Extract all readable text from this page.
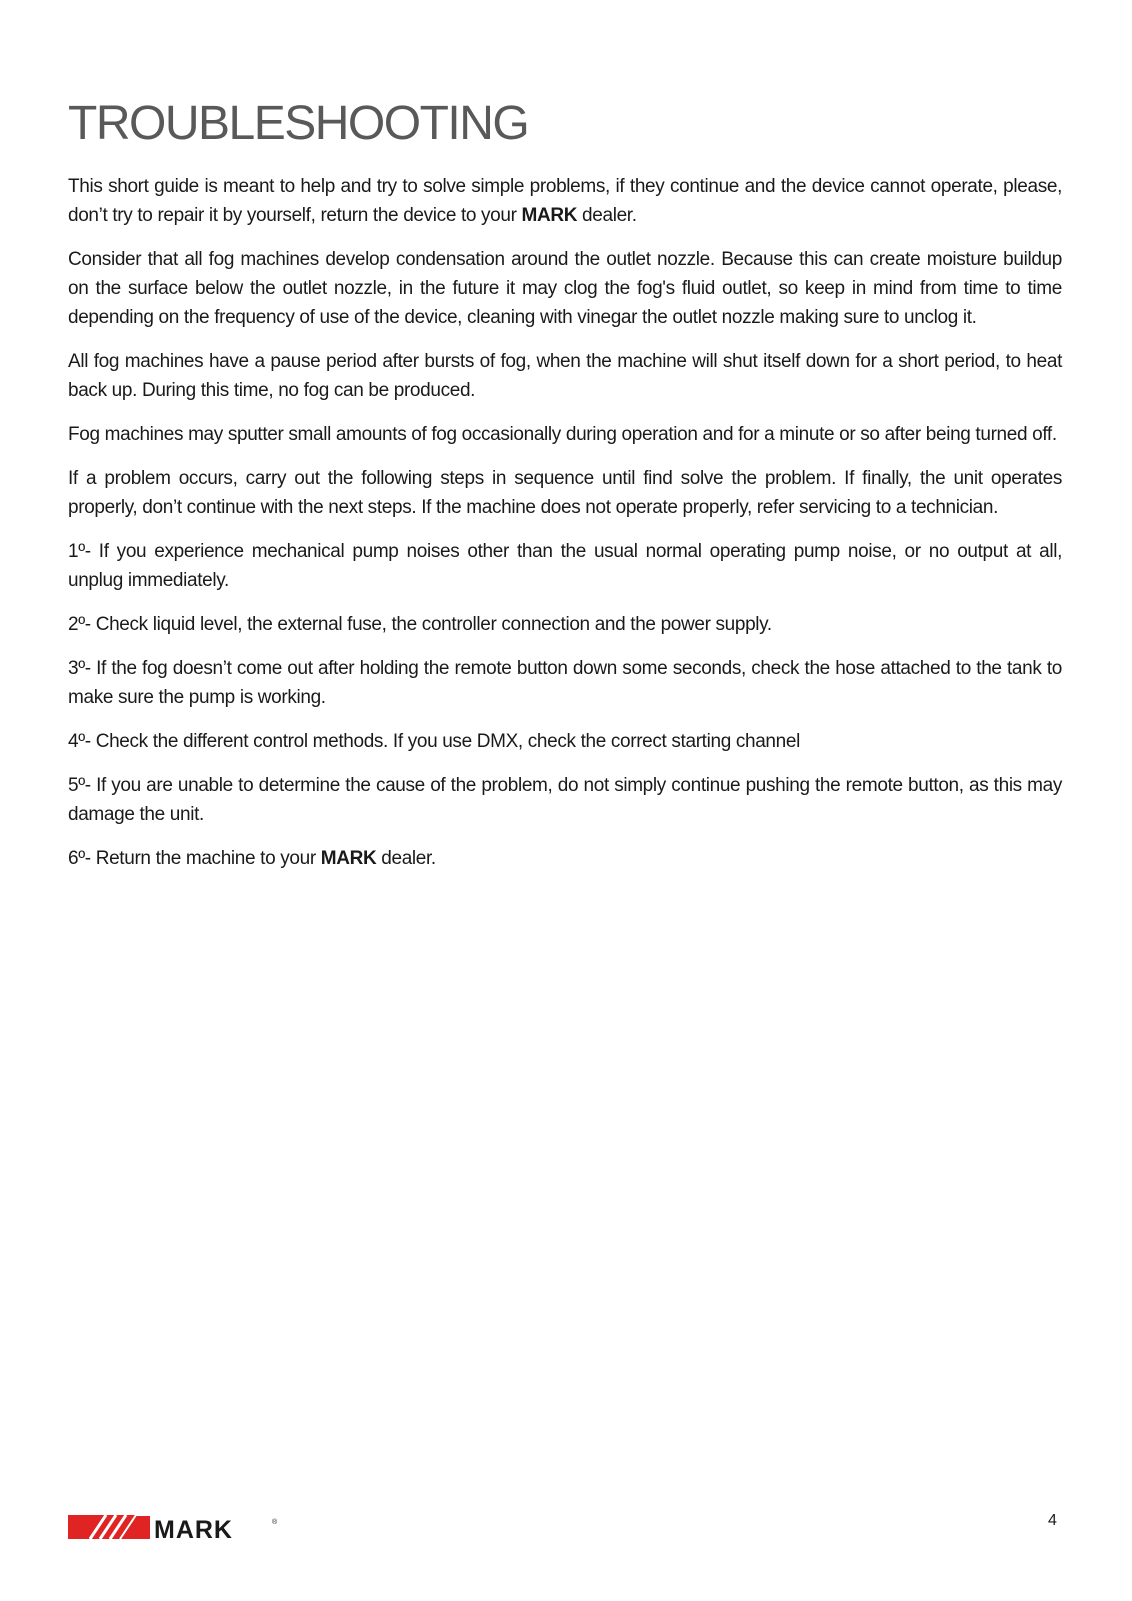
TROUBLESHOOTING

This short guide is meant to help and try to solve simple problems, if they continue and the device cannot operate, please, don’t try to repair it by yourself, return the device to your MARK dealer.

Consider that all fog machines develop condensation around the outlet nozzle. Because this can create moisture buildup on the surface below the outlet nozzle, in the future it may clog the fog's fluid outlet, so keep in mind from time to time depending on the frequency of use of the device, cleaning with vinegar the outlet nozzle making sure to unclog it.

All fog machines have a pause period after bursts of fog, when the machine will shut itself down for a short period, to heat back up. During this time, no fog can be produced.

Fog machines may sputter small amounts of fog occasionally during operation and for a minute or so after being turned off.

If a problem occurs, carry out the following steps in sequence until find solve the problem. If finally, the unit operates properly, don’t continue with the next steps. If the machine does not operate properly, refer servicing to a technician.

1º- If you experience mechanical pump noises other than the usual normal operating pump noise, or no output at all, unplug immediately.

2º- Check liquid level, the external fuse, the controller connection and the power supply.

3º- If the fog doesn’t come out after holding the remote button down some seconds, check the hose attached to the tank to make sure the pump is working.

4º- Check the different control methods. If you use DMX, check the correct starting channel

5º- If you are unable to determine the cause of the problem, do not simply continue pushing the remote button, as this may damage the unit.

6º- Return the machine to your MARK dealer.

MARK	®	4
